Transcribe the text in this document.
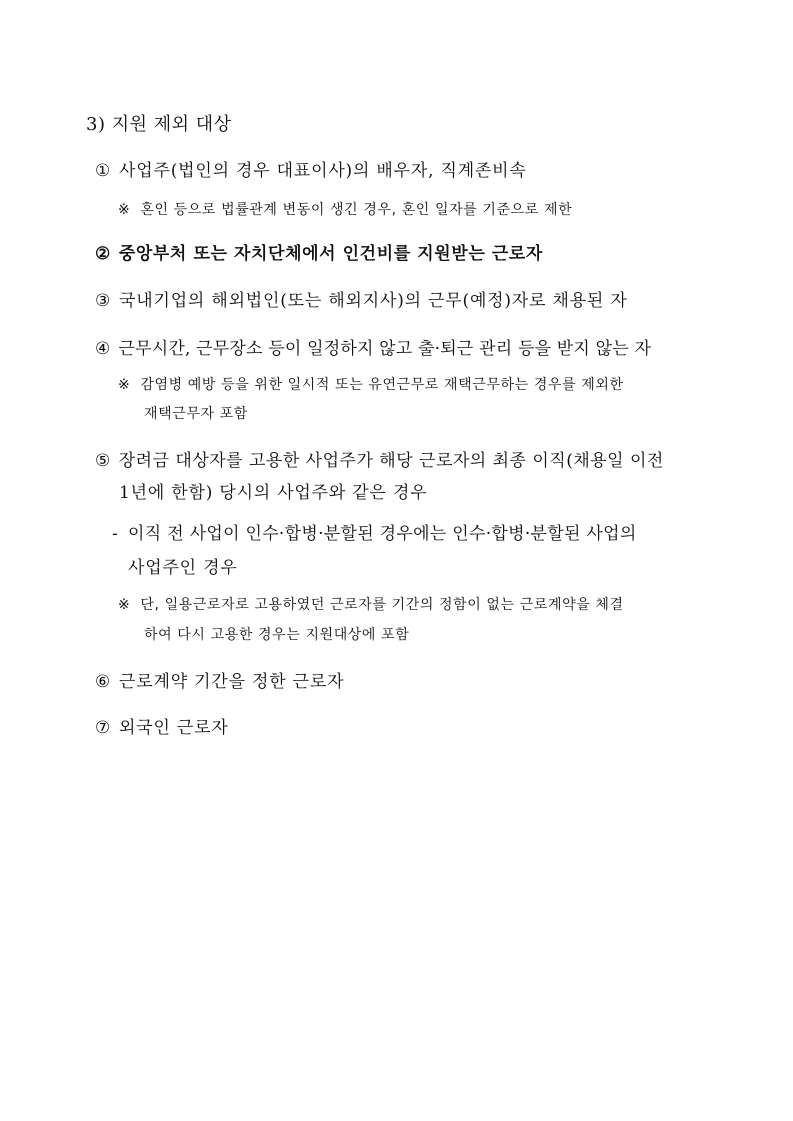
3) 지원 제외 대상
① 사업주(법인의 경우 대표이사)의 배우자, 직계존비속
※ 혼인 등으로 법률관계 변동이 생긴 경우, 혼인 일자를 기준으로 제한
② 중앙부처 또는 자치단체에서 인건비를 지원받는 근로자
③ 국내기업의 해외법인(또는 해외지사)의 근무(예정)자로 채용된 자
④ 근무시간, 근무장소 등이 일정하지 않고 출·퇴근 관리 등을 받지 않는 자
※ 감염병 예방 등을 위한 일시적 또는 유연근무로 재택근무하는 경우를 제외한
재택근무자 포함
⑤ 장려금 대상자를 고용한 사업주가 해당 근로자의 최종 이직(채용일 이전
1년에 한함) 당시의 사업주와 같은 경우
- 이직 전 사업이 인수·합병·분할된 경우에는 인수·합병·분할된 사업의
사업주인 경우
※ 단, 일용근로자로 고용하였던 근로자를 기간의 정함이 없는 근로계약을 체결
하여 다시 고용한 경우는 지원대상에 포함
⑥ 근로계약 기간을 정한 근로자
⑦ 외국인 근로자
